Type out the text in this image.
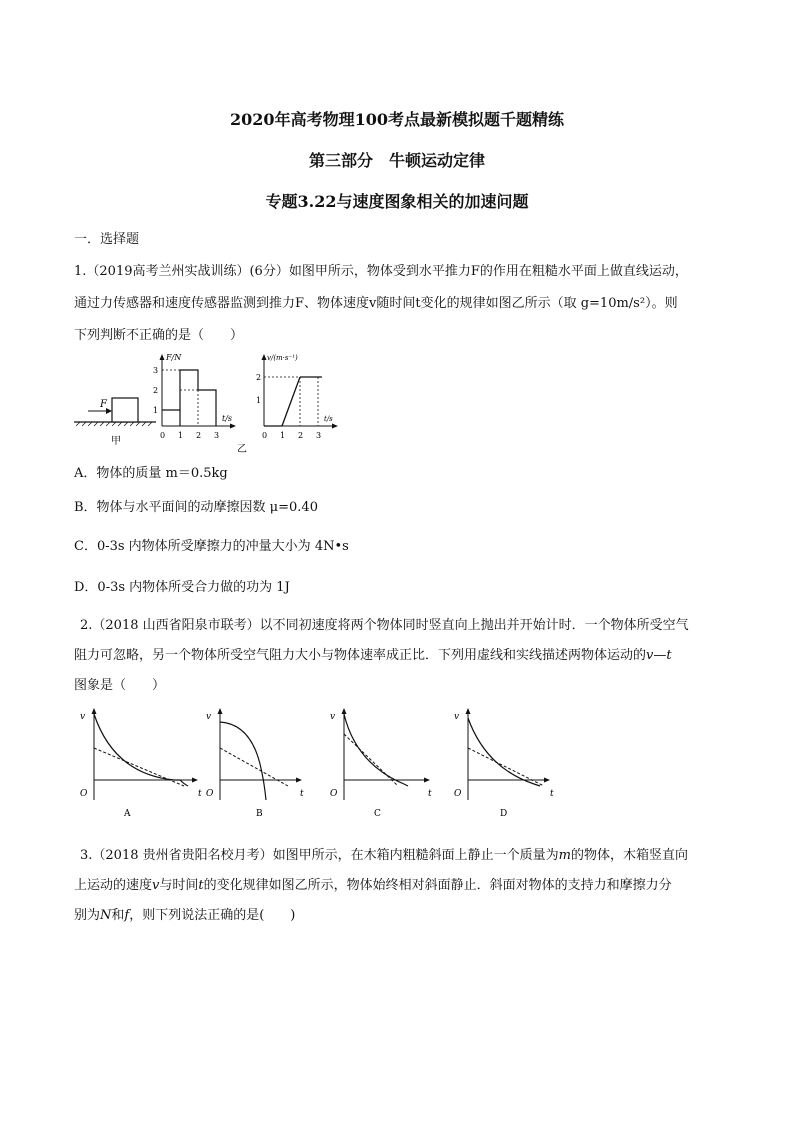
2020年高考物理100考点最新模拟题千题精练
第三部分　牛顿运动定律
专题3.22与速度图象相关的加速问题
一．选择题
1.（2019高考兰州实战训练）(6分）如图甲所示，物体受到水平推力F的作用在粗糙水平面上做直线运动，
通过力传感器和速度传感器监测到推力F、物体速度v随时间t变化的规律如图乙所示（取 g=10m/s²）。则
下列判断不正确的是（　　）
F
甲
F/N
1
2
3
0 1 2 3
t/s
乙
v/(m·s⁻¹)
1
2
0 1 2 3
t/s
A．物体的质量 m＝0.5kg
B．物体与水平面间的动摩擦因数 μ=0.40
C．0-3s 内物体所受摩擦力的冲量大小为 4N•s
D．0-3s 内物体所受合力做的功为 1J
2.（2018 山西省阳泉市联考）以不同初速度将两个物体同时竖直向上抛出并开始计时．一个物体所受空气
阻力可忽略，另一个物体所受空气阻力大小与物体速率成正比．下列用虚线和实线描述两物体运动的v—t
图象是（　　）
v
O	t
A
v
O	t
B
v
O	t
C
v
O	t
D
3.（2018 贵州省贵阳名校月考）如图甲所示，在木箱内粗糙斜面上静止一个质量为m的物体，木箱竖直向
上运动的速度v与时间t的变化规律如图乙所示，物体始终相对斜面静止．斜面对物体的支持力和摩擦力分
别为N和f，则下列说法正确的是(　　)
